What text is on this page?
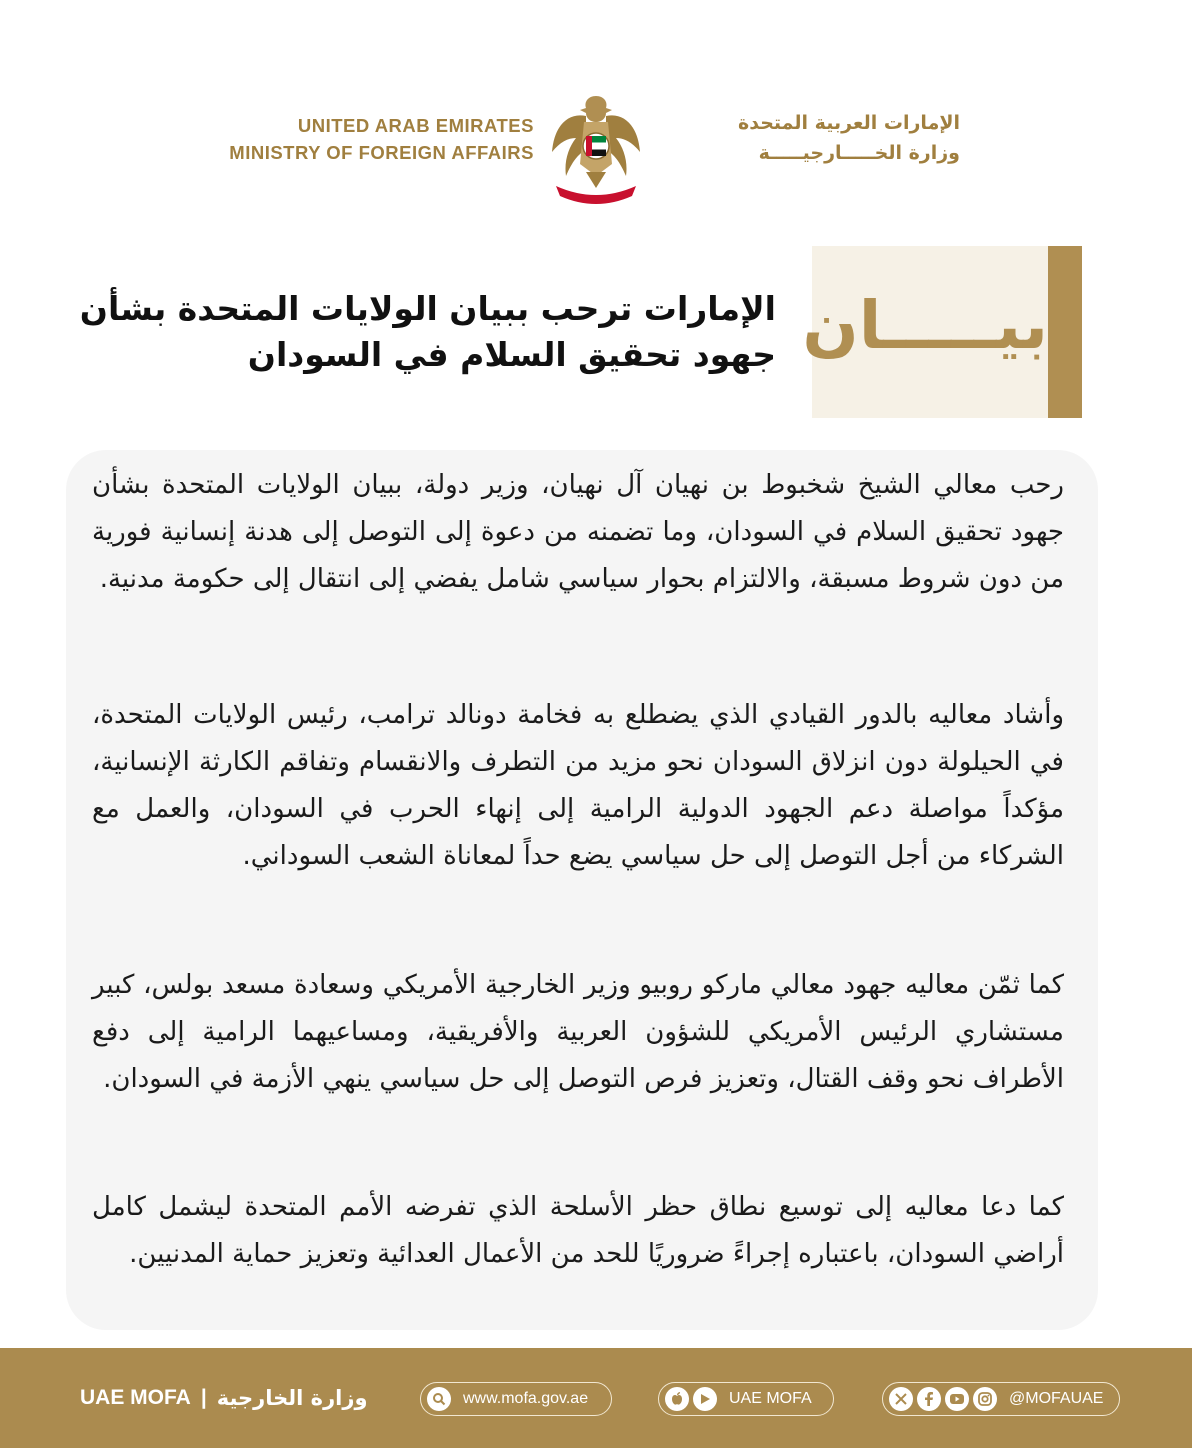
UNITED ARAB EMIRATES
MINISTRY OF FOREIGN AFFAIRS
الإمارات العربية المتحدة
وزارة الخـــــارجيـــــة
بيـــــان
الإمارات ترحب ببيان الولايات المتحدة بشأن جهود تحقيق السلام في السودان
رحب معالي الشيخ شخبوط بن نهيان آل نهيان، وزير دولة، ببيان الولايات المتحدة بشأن جهود تحقيق السلام في السودان، وما تضمنه من دعوة إلى التوصل إلى هدنة إنسانية فورية من دون شروط مسبقة، والالتزام بحوار سياسي شامل يفضي إلى انتقال إلى حكومة مدنية.
وأشاد معاليه بالدور القيادي الذي يضطلع به فخامة دونالد ترامب، رئيس الولايات المتحدة، في الحيلولة دون انزلاق السودان نحو مزيد من التطرف والانقسام وتفاقم الكارثة الإنسانية، مؤكداً مواصلة دعم الجهود الدولية الرامية إلى إنهاء الحرب في السودان، والعمل مع الشركاء من أجل التوصل إلى حل سياسي يضع حداً لمعاناة الشعب السوداني.
كما ثمّن معاليه جهود معالي ماركو روبيو وزير الخارجية الأمريكي وسعادة مسعد بولس، كبير مستشاري الرئيس الأمريكي للشؤون العربية والأفريقية، ومساعيهما الرامية إلى دفع الأطراف نحو وقف القتال، وتعزيز فرص التوصل إلى حل سياسي ينهي الأزمة في السودان.
كما دعا معاليه إلى توسيع نطاق حظر الأسلحة الذي تفرضه الأمم المتحدة ليشمل كامل أراضي السودان، باعتباره إجراءً ضروريًا للحد من الأعمال العدائية وتعزيز حماية المدنيين.
UAE MOFA | وزارة الخارجية	www.mofa.gov.ae	UAE MOFA	@MOFAUAE
